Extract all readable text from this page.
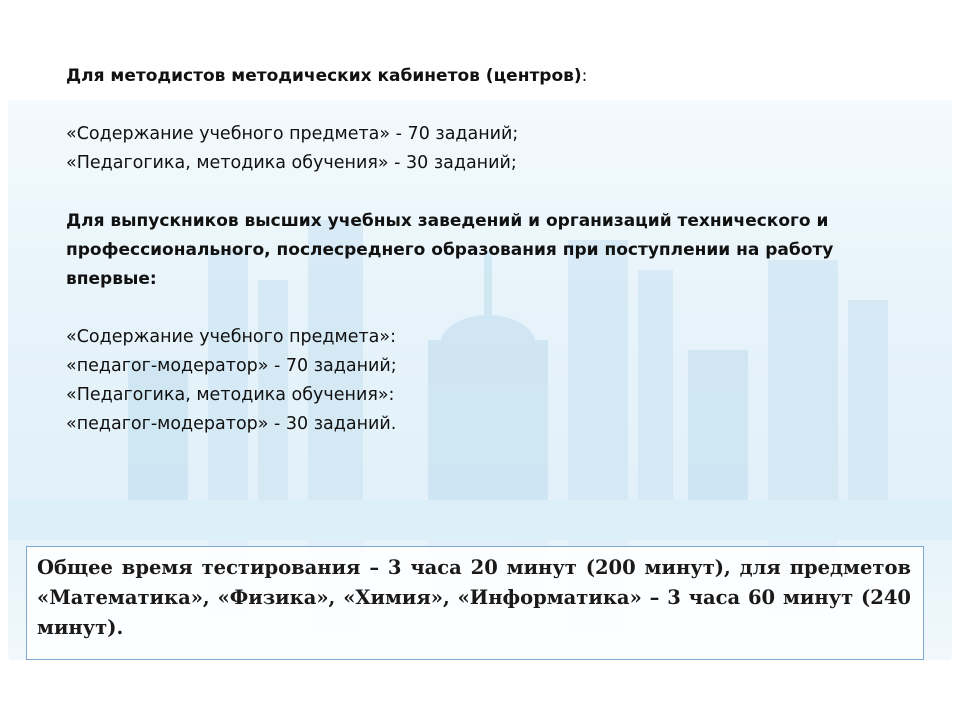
Для методистов методических кабинетов (центров):

«Содержание учебного предмета» - 70 заданий;

«Педагогика, методика обучения» - 30 заданий;

Для выпускников высших учебных заведений и организаций технического и профессионального, послесреднего образования при поступлении на работу впервые:

«Содержание учебного предмета»:

«педагог-модератор» - 70 заданий;

«Педагогика, методика обучения»:

«педагог-модератор» - 30 заданий.

Общее время тестирования – 3 часа 20 минут (200 минут), для предметов «Математика», «Физика», «Химия», «Информатика» – 3 часа 60 минут (240 минут).
